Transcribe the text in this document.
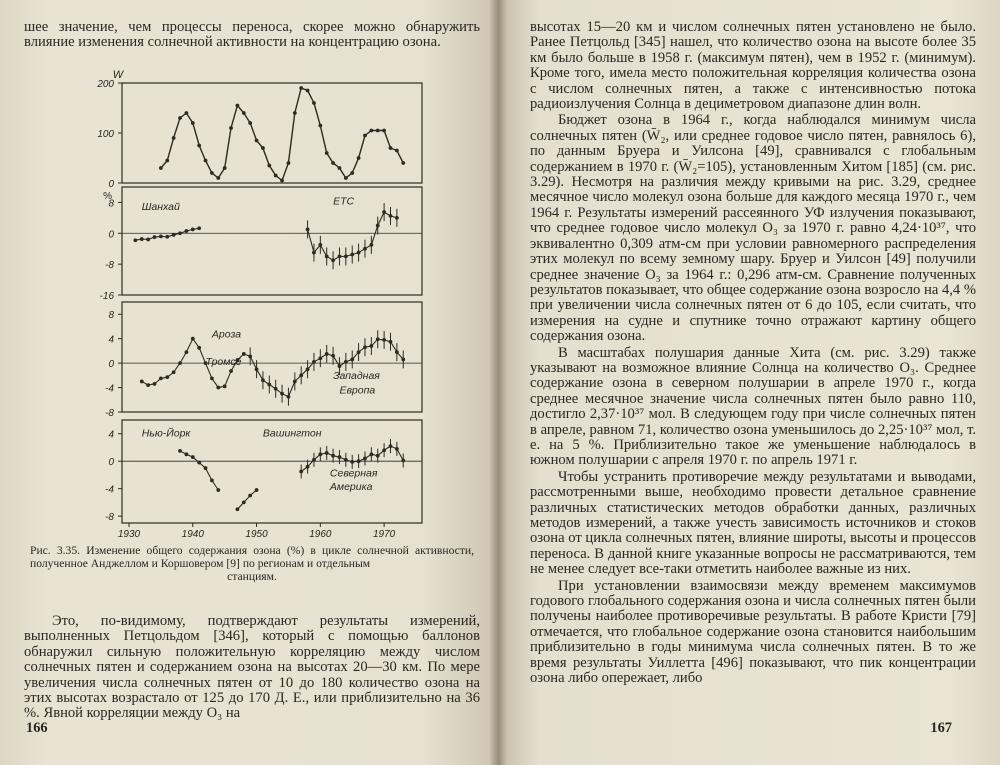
шее значение, чем процессы переноса, скорее можно обнаружить влияние изменения солнечной активности на концентрацию озона.

200
100
0
W
8
0
-8
-16
%
Шанхай	ETC
8
4
0
-4
-8
Ароза
Тромсё
Западная
Европа
4
0
-4
-8
Нью-Йорк	Вашингтон
Северная
Америка
1930	1940	1950	1960	1970

Рис. 3.35. Изменение общего содержания озона (%) в цикле солнечной активности, полученное Анджеллом и Коршовером [9] по регионам и отдельным
станциям.

Это, по-видимому, подтверждают результаты измерений, выполненных Петцольдом [346], который с помощью баллонов обнаружил сильную положительную корреляцию между числом солнечных пятен и содержанием озона на высотах 20—30 км. По мере увеличения числа солнечных пятен от 10 до 180 количество озона на этих высотах возрастало от 125 до 170 Д. Е., или приблизительно на 36 %. Явной корреляции между O₃ на

166

высотах 15—20 км и числом солнечных пятен установлено не было. Ранее Петцольд [345] нашел, что количество озона на высоте более 35 км было больше в 1958 г. (максимум пятен), чем в 1952 г. (минимум). Кроме того, имела место положительная корреляция количества озона с числом солнечных пятен, а также с интенсивностью потока радиоизлучения Солнца в дециметровом диапазоне длин волн.

Бюджет озона в 1964 г., когда наблюдался минимум числа солнечных пятен (W̄₂, или среднее годовое число пятен, равнялось 6), по данным Бруера и Уилсона [49], сравнивался с глобальным содержанием в 1970 г. (W̄₂=105), установленным Хитом [185] (см. рис. 3.29). Несмотря на различия между кривыми на рис. 3.29, среднее месячное число молекул озона больше для каждого месяца 1970 г., чем 1964 г. Результаты измерений рассеянного УФ излучения показывают, что среднее годовое число молекул O₃ за 1970 г. равно 4,24·10³⁷, что эквивалентно 0,309 атм-см при условии равномерного распределения этих молекул по всему земному шару. Бруер и Уилсон [49] получили среднее значение O₃ за 1964 г.: 0,296 атм-см. Сравнение полученных результатов показывает, что общее содержание озона возросло на 4,4 % при увеличении числа солнечных пятен от 6 до 105, если считать, что измерения на судне и спутнике точно отражают картину общего содержания озона.

В масштабах полушария данные Хита (см. рис. 3.29) также указывают на возможное влияние Солнца на количество O₃. Среднее содержание озона в северном полушарии в апреле 1970 г., когда среднее месячное значение числа солнечных пятен было равно 110, достигло 2,37·10³⁷ мол. В следующем году при числе солнечных пятен в апреле, равном 71, количество озона уменьшилось до 2,25·10³⁷ мол, т. е. на 5 %. Приблизительно такое же уменьшение наблюдалось в южном полушарии с апреля 1970 г. по апрель 1971 г.

Чтобы устранить противоречие между результатами и выводами, рассмотренными выше, необходимо провести детальное сравнение различных статистических методов обработки данных, различных методов измерений, а также учесть зависимость источников и стоков озона от цикла солнечных пятен, влияние широты, высоты и процессов переноса. В данной книге указанные вопросы не рассматриваются, тем не менее следует все-таки отметить наиболее важные из них.

При установлении взаимосвязи между временем максимумов годового глобального содержания озона и числа солнечных пятен были получены наиболее противоречивые результаты. В работе Кристи [79] отмечается, что глобальное содержание озона становится наибольшим приблизительно в годы минимума числа солнечных пятен. В то же время результаты Уиллетта [496] показывают, что пик концентрации озона либо опережает, либо

167
